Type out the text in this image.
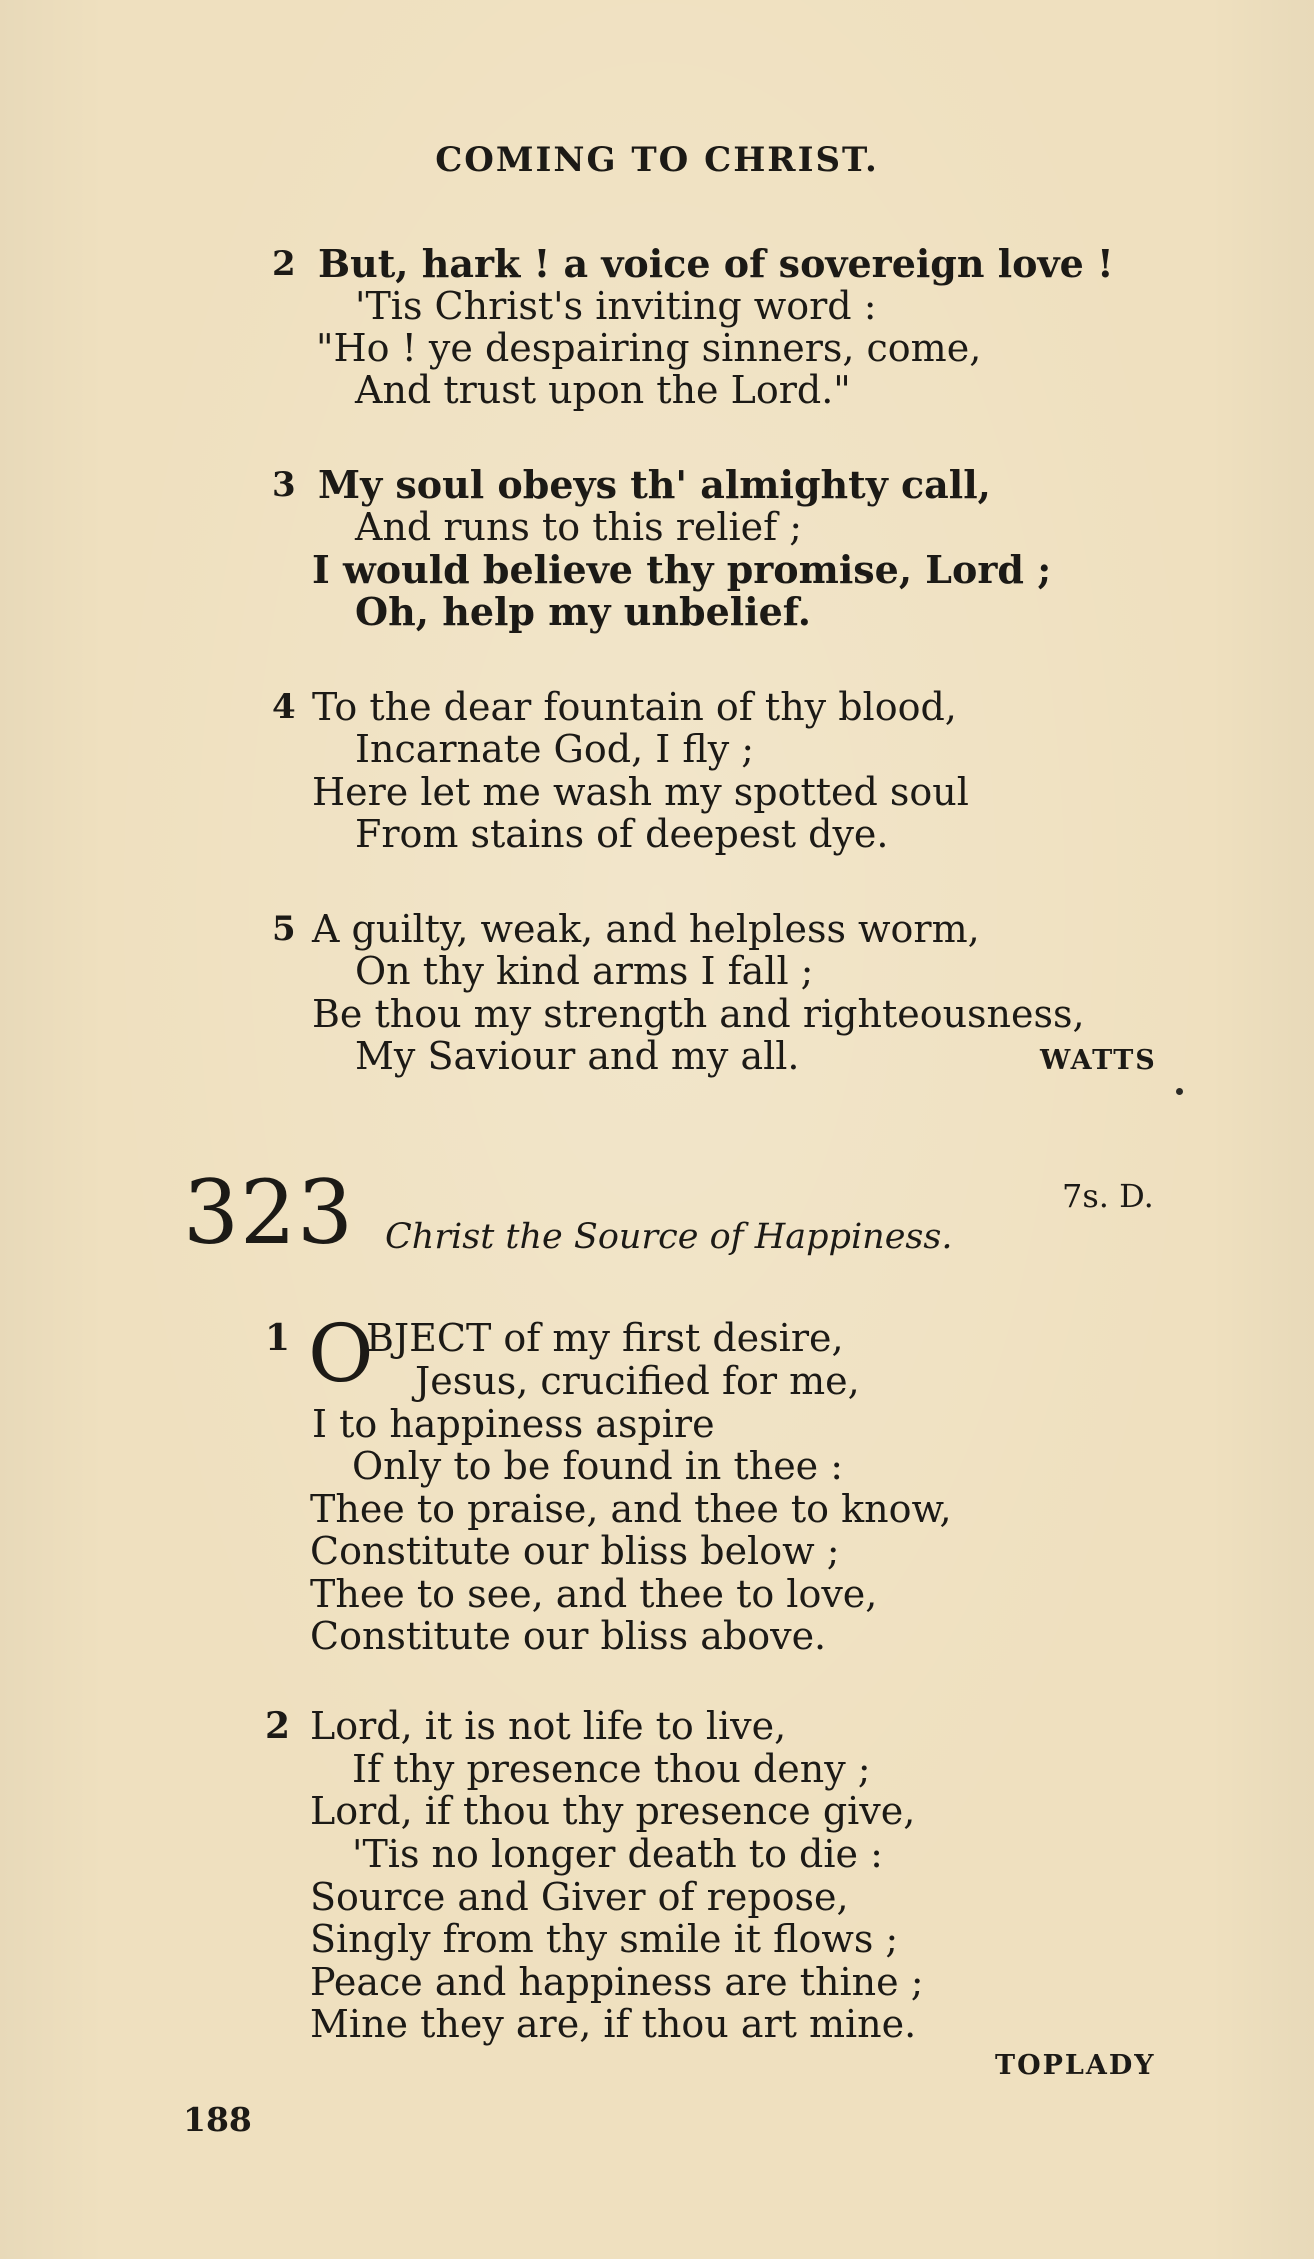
COMING TO CHRIST.
2 But, hark ! a voice of sovereign love !
'Tis Christ's inviting word :
"Ho ! ye despairing sinners, come,
And trust upon the Lord."
3 My soul obeys th' almighty call,
And runs to this relief ;
I would believe thy promise, Lord ;
Oh, help my unbelief.
4 To the dear fountain of thy blood,
Incarnate God, I fly ;
Here let me wash my spotted soul
From stains of deepest dye.
5 A guilty, weak, and helpless worm,
On thy kind arms I fall ;
Be thou my strength and righteousness,
My Saviour and my all.	WATTS
323	7s. D.
Christ the Source of Happiness.
1 O
BJECT of my first desire,
Jesus, crucified for me,
I to happiness aspire
Only to be found in thee :
Thee to praise, and thee to know,
Constitute our bliss below ;
Thee to see, and thee to love,
Constitute our bliss above.
2 Lord, it is not life to live,
If thy presence thou deny ;
Lord, if thou thy presence give,
'Tis no longer death to die :
Source and Giver of repose,
Singly from thy smile it flows ;
Peace and happiness are thine ;
Mine they are, if thou art mine.
TOPLADY
188
